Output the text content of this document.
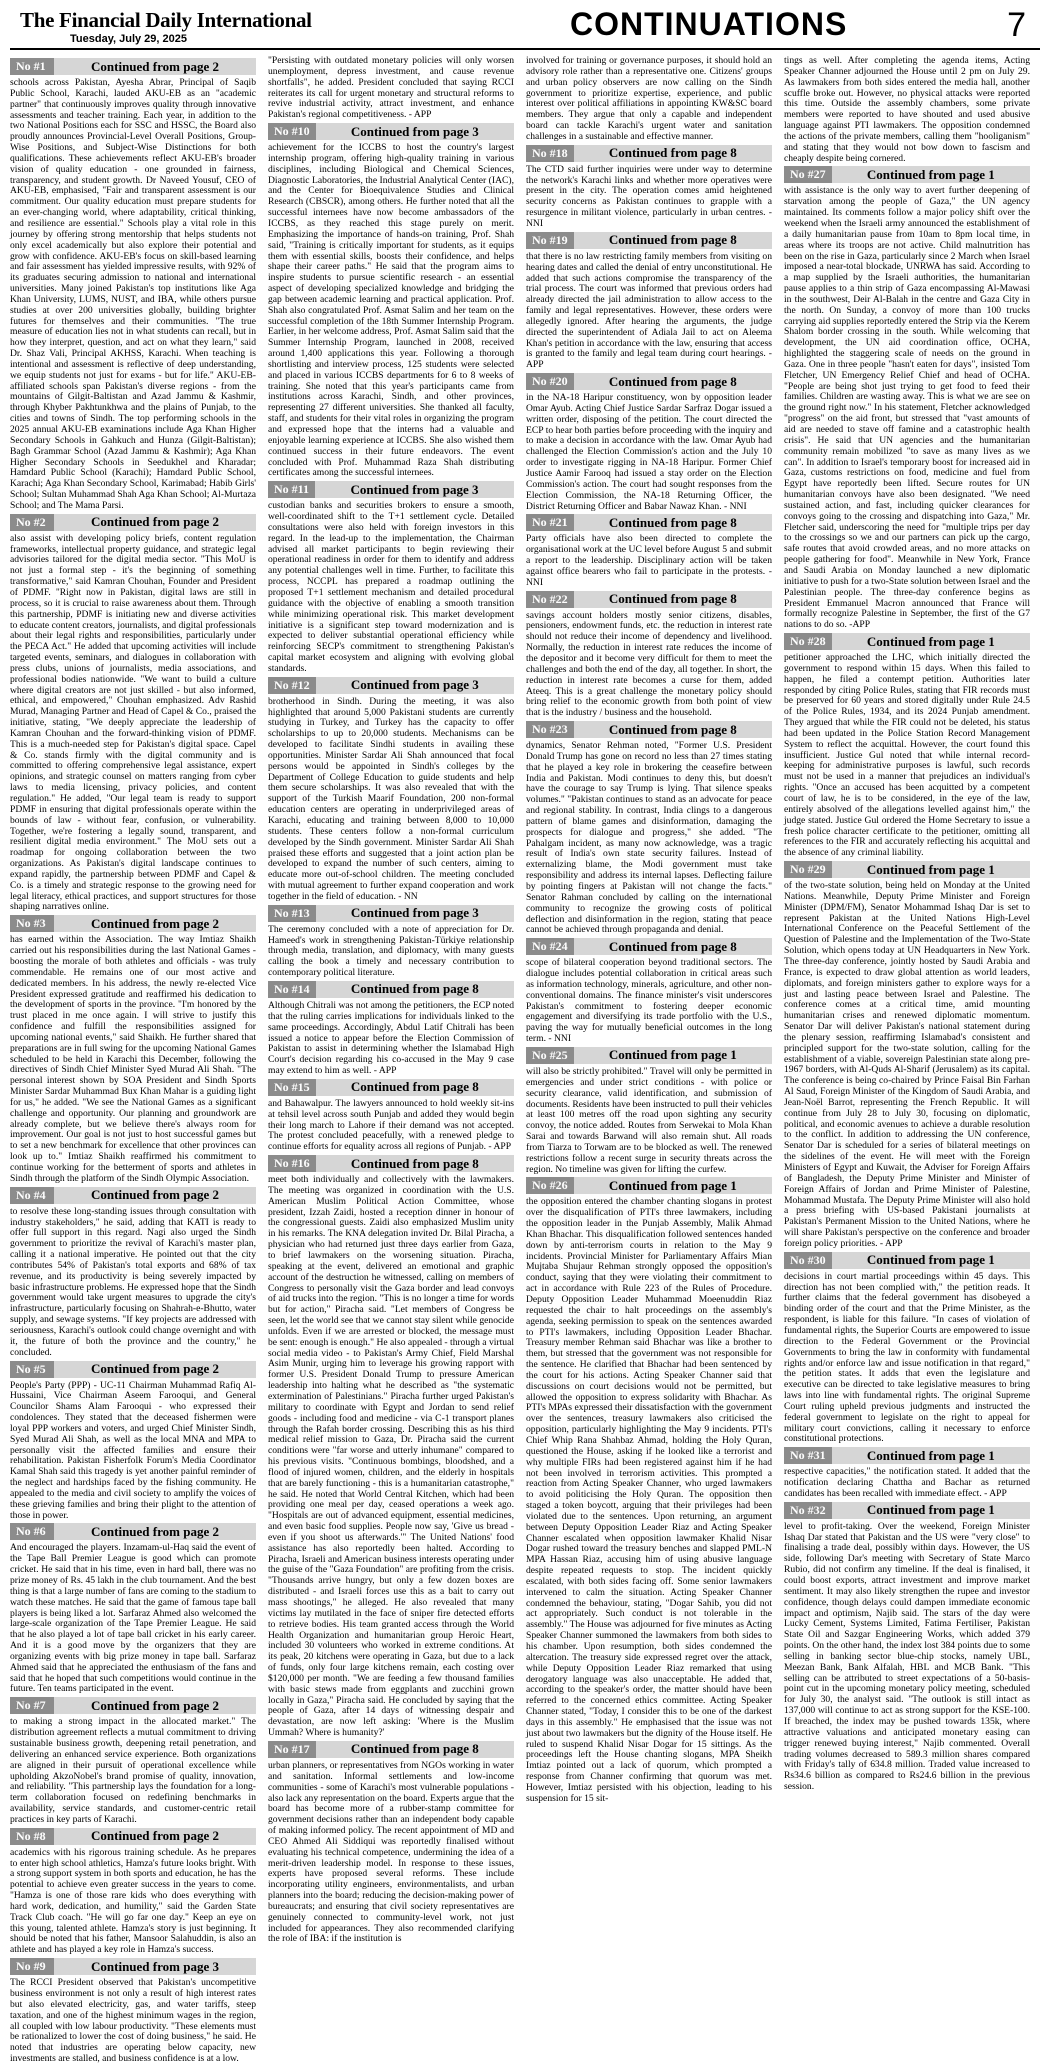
The Financial Daily International
Tuesday, July 29, 2025	CONTINUATIONS	7
No #1	Continued from page 2

schools across Pakistan, Ayesha Abrar, Principal of Saqib Public School, Karachi, lauded AKU-EB as an "academic partner" that continuously improves quality through innovative assessments and teacher training. Each year, in addition to the two National Positions each for SSC and HSSC, the Board also proudly announces Provincial-Level Overall Positions, Group-Wise Positions, and Subject-Wise Distinctions for both qualifications. These achievements reflect AKU-EB's broader vision of quality education - one grounded in fairness, transparency, and student growth. Dr Naveed Yousuf, CEO of AKU-EB, emphasised, "Fair and transparent assessment is our commitment. Our quality education must prepare students for an ever-changing world, where adaptability, critical thinking, and resilience are essential." Schools play a vital role in this journey by offering strong mentorship that helps students not only excel academically but also explore their potential and grow with confidence. AKU-EB's focus on skill-based learning and fair assessment has yielded impressive results, with 92% of its graduates securing admission to national and international universities. Many joined Pakistan's top institutions like Aga Khan University, LUMS, NUST, and IBA, while others pursue studies at over 200 universities globally, building brighter futures for themselves and their communities. "The true measure of education lies not in what students can recall, but in how they interpret, question, and act on what they learn," said Dr. Shaz Vali, Principal AKHSS, Karachi. When teaching is intentional and assessment is reflective of deep understanding, we equip students not just for exams - but for life." AKU-EB-affiliated schools span Pakistan's diverse regions - from the mountains of Gilgit-Baltistan and Azad Jammu & Kashmir, through Khyber Pakhtunkhwa and the plains of Punjab, to the cities and towns of Sindh. The top performing schools in the 2025 annual AKU-EB examinations include Aga Khan Higher Secondary Schools in Gahkuch and Hunza (Gilgit-Baltistan); Bagh Grammar School (Azad Jammu & Kashmir); Aga Khan Higher Secondary Schools in Seedukhel and Kharadar; Hamdard Public School (Karachi); Hamdard Public School, Karachi; Aga Khan Secondary School, Karimabad; Habib Girls' School; Sultan Muhammad Shah Aga Khan School; Al-Murtaza School; and The Mama Parsi.

No #2	Continued from page 2

also assist with developing policy briefs, content regulation frameworks, intellectual property guidance, and strategic legal advisories tailored for the digital media sector. "This MoU is not just a formal step - it's the beginning of something transformative," said Kamran Chouhan, Founder and President of PDMF. "Right now in Pakistan, digital laws are still in process, so it is crucial to raise awareness about them. Through this partnership, PDMF is initiating new and diverse activities to educate content creators, journalists, and digital professionals about their legal rights and responsibilities, particularly under the PECA Act." He added that upcoming activities will include targeted events, seminars, and dialogues in collaboration with press clubs, unions of journalists, media associations, and professional bodies nationwide. "We want to build a culture where digital creators are not just skilled - but also informed, ethical, and empowered," Chouhan emphasized. Adv Rashid Murad, Managing Partner and Head of Capel & Co., praised the initiative, stating, "We deeply appreciate the leadership of Kamran Chouhan and the forward-thinking vision of PDMF. This is a much-needed step for Pakistan's digital space. Capel & Co. stands firmly with the digital community and is committed to offering comprehensive legal assistance, expert opinions, and strategic counsel on matters ranging from cyber laws to media licensing, privacy policies, and content regulation." He added, "Our legal team is ready to support PDMF in ensuring that digital professionals operate within the bounds of law - without fear, confusion, or vulnerability. Together, we're fostering a legally sound, transparent, and resilient digital media environment." The MoU sets out a roadmap for ongoing collaboration between the two organizations. As Pakistan's digital landscape continues to expand rapidly, the partnership between PDMF and Capel & Co. is a timely and strategic response to the growing need for legal literacy, ethical practices, and support structures for those shaping narratives online.

No #3	Continued from page 2

has earned within the Association. The way Imtiaz Shaikh carried out his responsibilities during the last National Games - boosting the morale of both athletes and officials - was truly commendable. He remains one of our most active and dedicated members. In his address, the newly re-elected Vice President expressed gratitude and reaffirmed his dedication to the development of sports in the province. "I'm honored by the trust placed in me once again. I will strive to justify this confidence and fulfill the responsibilities assigned for upcoming national events," said Shaikh. He further shared that preparations are in full swing for the upcoming National Games scheduled to be held in Karachi this December, following the directives of Sindh Chief Minister Syed Murad Ali Shah. "The personal interest shown by SOA President and Sindh Sports Minister Sardar Muhammad Bux Khan Mahar is a guiding light for us," he added. "We see the National Games as a significant challenge and opportunity. Our planning and groundwork are already complete, but we believe there's always room for improvement. Our goal is not just to host successful games but to set a new benchmark for excellence that other provinces can look up to." Imtiaz Shaikh reaffirmed his commitment to continue working for the betterment of sports and athletes in Sindh through the platform of the Sindh Olympic Association.

No #4	Continued from page 2

to resolve these long-standing issues through consultation with industry stakeholders," he said, adding that KATI is ready to offer full support in this regard. Nagi also urged the Sindh government to prioritize the revival of Karachi's master plan, calling it a national imperative. He pointed out that the city contributes 54% of Pakistan's total exports and 68% of tax revenue, and its productivity is being severely impacted by basic infrastructure problems. He expressed hope that the Sindh government would take urgent measures to upgrade the city's infrastructure, particularly focusing on Shahrah-e-Bhutto, water supply, and sewage systems. "If key projects are addressed with seriousness, Karachi's outlook could change overnight and with it, the future of both the province and the country," he concluded.

No #5	Continued from page 2

People's Party (PPP) - UC-11 Chairman Muhammad Rafiq Al-Hussaini, Vice Chairman Aseem Farooqui, and General Councilor Shams Alam Farooqui - who expressed their condolences. They stated that the deceased fishermen were loyal PPP workers and voters, and urged Chief Minister Sindh, Syed Murad Ali Shah, as well as the local MNA and MPA to personally visit the affected families and ensure their rehabilitation. Pakistan Fisherfolk Forum's Media Coordinator Kamal Shah said this tragedy is yet another painful reminder of the neglect and hardships faced by the fishing community. He appealed to the media and civil society to amplify the voices of these grieving families and bring their plight to the attention of those in power.

No #6	Continued from page 2

And encouraged the players. Inzamam-ul-Haq said the event of the Tape Ball Premier League is good which can promote cricket. He said that in his time, even in hard ball, there was no prize money of Rs. 45 lakh in the club tournament. And the best thing is that a large number of fans are coming to the stadium to watch these matches. He said that the game of famous tape ball players is being liked a lot. Sarfaraz Ahmed also welcomed the large-scale organization of the Tape Premier League. He said that he also played a lot of tape ball cricket in his early career. And it is a good move by the organizers that they are organizing events with big prize money in tape ball. Sarfaraz Ahmed said that he appreciated the enthusiasm of the fans and said that he hoped that such competitions would continue in the future. Ten teams participated in the event.

No #7	Continued from page 2

to making a strong impact in the allocated market." The distribution agreement reflects a mutual commitment to driving sustainable business growth, deepening retail penetration, and delivering an enhanced service experience. Both organizations are aligned in their pursuit of operational excellence while upholding AkzoNobel's brand promise of quality, innovation, and reliability. "This partnership lays the foundation for a long-term collaboration focused on redefining benchmarks in availability, service standards, and customer-centric retail practices in key parts of Karachi.

No #8	Continued from page 2

academics with his rigorous training schedule. As he prepares to enter high school athletics, Hamza's future looks bright. With a strong support system in both sports and education, he has the potential to achieve even greater success in the years to come. "Hamza is one of those rare kids who does everything with hard work, dedication, and humility," said the Garden State Track Club coach. "He will go far one day." Keep an eye on this young, talented athlete. Hamza's story is just beginning. It should be noted that his father, Mansoor Salahuddin, is also an athlete and has played a key role in Hamza's success.

No #9	Continued from page 3

The RCCI President observed that Pakistan's uncompetitive business environment is not only a result of high interest rates but also elevated electricity, gas, and water tariffs, steep taxation, and one of the highest minimum wages in the region, all coupled with low labour productivity. "These elements must be rationalized to lower the cost of doing business," he said. He noted that industries are operating below capacity, new investments are stalled, and business confidence is at a low.

"Persisting with outdated monetary policies will only worsen unemployment, depress investment, and cause revenue shortfalls", he added. President concluded that saying RCCI reiterates its call for urgent monetary and structural reforms to revive industrial activity, attract investment, and enhance Pakistan's regional competitiveness. - APP

No #10	Continued from page 3

achievement for the ICCBS to host the country's largest internship program, offering high-quality training in various disciplines, including Biological and Chemical Sciences, Diagnostic Laboratories, the Industrial Analytical Center (IAC), and the Center for Bioequivalence Studies and Clinical Research (CBSCR), among others. He further noted that all the successful internees have now become ambassadors of the ICCBS, as they reached this stage purely on merit. Emphasizing the importance of hands-on training, Prof. Shah said, "Training is critically important for students, as it equips them with essential skills, boosts their confidence, and helps shape their career paths." He said that the program aims to inspire students to pursue scientific research - an essential aspect of developing specialized knowledge and bridging the gap between academic learning and practical application. Prof. Shah also congratulated Prof. Asmat Salim and her team on the successful completion of the 18th Summer Internship Program. Earlier, in her welcome address, Prof. Asmat Salim said that the Summer Internship Program, launched in 2008, received around 1,400 applications this year. Following a thorough shortlisting and interview process, 125 students were selected and placed in various ICCBS departments for 6 to 8 weeks of training. She noted that this year's participants came from institutions across Karachi, Sindh, and other provinces, representing 27 different universities. She thanked all faculty, staff, and students for their vital roles in organizing the program and expressed hope that the interns had a valuable and enjoyable learning experience at ICCBS. She also wished them continued success in their future endeavors. The event concluded with Prof. Muhammad Raza Shah distributing certificates among the successful internees.

No #11	Continued from page 3

custodian banks and securities brokers to ensure a smooth, well-coordinated shift to the T+1 settlement cycle. Detailed consultations were also held with foreign investors in this regard. In the lead-up to the implementation, the Chairman advised all market participants to begin reviewing their operational readiness in order for them to identify and address any potential challenges well in time. Further, to facilitate this process, NCCPL has prepared a roadmap outlining the proposed T+1 settlement mechanism and detailed procedural guidance with the objective of enabling a smooth transition while minimizing operational risk. This market development initiative is a significant step toward modernization and is expected to deliver substantial operational efficiency while reinforcing SECP's commitment to strengthening Pakistan's capital market ecosystem and aligning with evolving global standards.

No #12	Continued from page 3

brotherhood in Sindh. During the meeting, it was also highlighted that around 5,000 Pakistani students are currently studying in Turkey, and Turkey has the capacity to offer scholarships to up to 20,000 students. Mechanisms can be developed to facilitate Sindhi students in availing these opportunities. Minister Sardar Ali Shah announced that focal persons would be appointed in Sindh's colleges by the Department of College Education to guide students and help them secure scholarships. It was also revealed that with the support of the Turkish Maarif Foundation, 200 non-formal education centers are operating in underprivileged areas of Karachi, educating and training between 8,000 to 10,000 students. These centers follow a non-formal curriculum developed by the Sindh government. Minister Sardar Ali Shah praised these efforts and suggested that a joint action plan be developed to expand the number of such centers, aiming to educate more out-of-school children. The meeting concluded with mutual agreement to further expand cooperation and work together in the field of education. - NN

No #13	Continued from page 3

The ceremony concluded with a note of appreciation for Dr. Hameed's work in strengthening Pakistan-Türkiye relationship through media, translation, and diplomacy, with many guests calling the book a timely and necessary contribution to contemporary political literature.

No #14	Continued from page 8

Although Chitrali was not among the petitioners, the ECP noted that the ruling carries implications for individuals linked to the same proceedings. Accordingly, Abdul Latif Chitrali has been issued a notice to appear before the Election Commission of Pakistan to assist in determining whether the Islamabad High Court's decision regarding his co-accused in the May 9 case may extend to him as well. - APP

No #15	Continued from page 8

and Bahawalpur. The lawyers announced to hold weekly sit-ins at tehsil level across south Punjab and added they would begin their long march to Lahore if their demand was not accepted. The protest concluded peacefully, with a renewed pledge to continue efforts for equality across all regions of Punjab. - APP

No #16	Continued from page 8

meet both individually and collectively with the lawmakers. The meeting was organized in coordination with the U.S. American Muslim Political Action Committee, whose president, Izzah Zaidi, hosted a reception dinner in honour of the congressional guests. Zaidi also emphasized Muslim unity in his remarks. The KNA delegation invited Dr. Bilal Piracha, a physician who had returned just three days earlier from Gaza, to brief lawmakers on the worsening situation. Piracha, speaking at the event, delivered an emotional and graphic account of the destruction he witnessed, calling on members of Congress to personally visit the Gaza border and lead convoys of aid trucks into the region. "This is no longer a time for words but for action," Piracha said. "Let members of Congress be seen, let the world see that we cannot stay silent while genocide unfolds. Even if we are arrested or blocked, the message must be sent: enough is enough." He also appealed - through a virtual social media video - to Pakistan's Army Chief, Field Marshal Asim Munir, urging him to leverage his growing rapport with former U.S. President Donald Trump to pressure American leadership into halting what he described as "the systematic extermination of Palestinians." Piracha further urged Pakistan's military to coordinate with Egypt and Jordan to send relief goods - including food and medicine - via C-1 transport planes through the Rafah border crossing. Describing this as his third medical relief mission to Gaza, Dr. Piracha said the current conditions were "far worse and utterly inhumane" compared to his previous visits. "Continuous bombings, bloodshed, and a flood of injured women, children, and the elderly in hospitals that are barely functioning - this is a humanitarian catastrophe," he said. He noted that World Central Kitchen, which had been providing one meal per day, ceased operations a week ago. "Hospitals are out of advanced equipment, essential medicines, and even basic food supplies. People now say, 'Give us bread - even if you shoot us afterwards.'" The United Nations' food assistance has also reportedly been halted. According to Piracha, Israeli and American business interests operating under the guise of the "Gaza Foundation" are profiting from the crisis. "Thousands arrive hungry, but only a few dozen boxes are distributed - and Israeli forces use this as a bait to carry out mass shootings," he alleged. He also revealed that many victims lay mutilated in the face of sniper fire detected efforts to retrieve bodies. His team granted access through the World Health Organization and humanitarian group Heroic Heart, included 30 volunteers who worked in extreme conditions. At its peak, 20 kitchens were operating in Gaza, but due to a lack of funds, only four large kitchens remain, each costing over $120,000 per month. "We are feeding a few thousand families with basic stews made from eggplants and zucchini grown locally in Gaza," Piracha said. He concluded by saying that the people of Gaza, after 14 days of witnessing despair and devastation, are now left asking: 'Where is the Muslim Ummah? Where is humanity?'

No #17	Continued from page 8

urban planners, or representatives from NGOs working in water and sanitation. Informal settlements and low-income communities - some of Karachi's most vulnerable populations - also lack any representation on the board. Experts argue that the board has become more of a rubber-stamp committee for government decisions rather than an independent body capable of making informed policy. The recent appointment of MD and CEO Ahmed Ali Siddiqui was reportedly finalised without evaluating his technical competence, undermining the idea of a merit-driven leadership model. In response to these issues, experts have proposed several reforms. These include incorporating utility engineers, environmentalists, and urban planners into the board; reducing the decision-making power of bureaucrats; and ensuring that civil society representatives are genuinely connected to community-level work, not just included for appearances. They also recommended clarifying the role of IBA: if the institution is

involved for training or governance purposes, it should hold an advisory role rather than a representative one. Citizens' groups and urban policy observers are now calling on the Sindh government to prioritize expertise, experience, and public interest over political affiliations in appointing KW&SC board members. They argue that only a capable and independent board can tackle Karachi's urgent water and sanitation challenges in a sustainable and effective manner.

No #18	Continued from page 8

The CTD said further inquiries were under way to determine the network's Karachi links and whether more operatives were present in the city. The operation comes amid heightened security concerns as Pakistan continues to grapple with a resurgence in militant violence, particularly in urban centres. - NNI

No #19	Continued from page 8

that there is no law restricting family members from visiting on hearing dates and called the denial of entry unconstitutional. He added that such actions compromise the transparency of the trial process. The court was informed that previous orders had already directed the jail administration to allow access to the family and legal representatives. However, these orders were allegedly ignored. After hearing the arguments, the judge directed the superintendent of Adiala Jail to act on Aleema Khan's petition in accordance with the law, ensuring that access is granted to the family and legal team during court hearings. - APP

No #20	Continued from page 8

in the NA-18 Haripur constituency, won by opposition leader Omar Ayub. Acting Chief Justice Sardar Sarfraz Dogar issued a written order, disposing of the petition. The court directed the ECP to hear both parties before proceeding with the inquiry and to make a decision in accordance with the law. Omar Ayub had challenged the Election Commission's action and the July 10 order to investigate rigging in NA-18 Haripur. Former Chief Justice Aamir Farooq had issued a stay order on the Election Commission's action. The court had sought responses from the Election Commission, the NA-18 Returning Officer, the District Returning Officer and Babar Nawaz Khan. - NNI

No #21	Continued from page 8

Party officials have also been directed to complete the organisational work at the UC level before August 5 and submit a report to the leadership. Disciplinary action will be taken against office bearers who fail to participate in the protests. - NNI

No #22	Continued from page 8

savings account holders mostly senior citizens, disables, pensioners, endowment funds, etc. the reduction in interest rate should not reduce their income of dependency and livelihood. Normally, the reduction in interest rate reduces the income of the depositor and it become very difficult for them to meet the challenges and both the end of the day, all together. In short, the reduction in interest rate becomes a curse for them, added Ateeq. This is a great challenge the monetary policy should bring relief to the economic growth from both point of view that is the industry / business and the household.

No #23	Continued from page 8

dynamics, Senator Rehman noted, "Former U.S. President Donald Trump has gone on record no less than 27 times stating that he played a key role in brokering the ceasefire between India and Pakistan. Modi continues to deny this, but doesn't have the courage to say Trump is lying. That silence speaks volumes." "Pakistan continues to stand as an advocate for peace and regional stability. In contrast, India clings to a dangerous pattern of blame games and disinformation, damaging the prospects for dialogue and progress," she added. "The Pahalgam incident, as many now acknowledge, was a tragic result of India's own state security failures. Instead of externalizing blame, the Modi government must take responsibility and address its internal lapses. Deflecting failure by pointing fingers at Pakistan will not change the facts." Senator Rahman concluded by calling on the international community to recognize the growing costs of political deflection and disinformation in the region, stating that peace cannot be achieved through propaganda and denial.

No #24	Continued from page 8

scope of bilateral cooperation beyond traditional sectors. The dialogue includes potential collaboration in critical areas such as information technology, minerals, agriculture, and other non-conventional domains. The finance minister's visit underscores Pakistan's commitment to fostering deeper economic engagement and diversifying its trade portfolio with the U.S., paving the way for mutually beneficial outcomes in the long term. - NNI

No #25	Continued from page 1

will also be strictly prohibited." Travel will only be permitted in emergencies and under strict conditions - with police or security clearance, valid identification, and submission of documents. Residents have been instructed to pull their vehicles at least 100 metres off the road upon sighting any security convoy, the notice added. Routes from Serwekai to Mola Khan Sarai and towards Barwand will also remain shut. All roads from Tiarza to Torwam are to be blocked as well. The renewed restrictions follow a recent surge in security threats across the region. No timeline was given for lifting the curfew.

No #26	Continued from page 1

the opposition entered the chamber chanting slogans in protest over the disqualification of PTI's three lawmakers, including the opposition leader in the Punjab Assembly, Malik Ahmad Khan Bhachar. This disqualification followed sentences handed down by anti-terrorism courts in relation to the May 9 incidents. Provincial Minister for Parliamentary Affairs Mian Mujtaba Shujaur Rehman strongly opposed the opposition's conduct, saying that they were violating their commitment to act in accordance with Rule 223 of the Rules of Procedure. Deputy Opposition Leader Muhammad Moeenuddin Riaz requested the chair to halt proceedings on the assembly's agenda, seeking permission to speak on the sentences awarded to PTI's lawmakers, including Opposition Leader Bhachar. Treasury member Rehman said Bhachar was like a brother to them, but stressed that the government was not responsible for the sentence. He clarified that Bhachar had been sentenced by the court for his actions. Acting Speaker Channer said that discussions on court decisions would not be permitted, but allowed the opposition to express solidarity with Bhachar. As PTI's MPAs expressed their dissatisfaction with the government over the sentences, treasury lawmakers also criticised the opposition, particularly highlighting the May 9 incidents. PTI's Chief Whip Rana Shahbaz Ahmad, holding the Holy Quran, questioned the House, asking if he looked like a terrorist and why multiple FIRs had been registered against him if he had not been involved in terrorism activities. This prompted a reaction from Acting Speaker Channer, who urged lawmakers to avoid politicising the Holy Quran. The opposition then staged a token boycott, arguing that their privileges had been violated due to the sentences. Upon returning, an argument between Deputy Opposition Leader Riaz and Acting Speaker Channer escalated when opposition lawmaker Khalid Nisar Dogar rushed toward the treasury benches and slapped PML-N MPA Hassan Riaz, accusing him of using abusive language despite repeated requests to stop. The incident quickly escalated, with both sides facing off. Some senior lawmakers intervened to calm the situation. Acting Speaker Channer condemned the behaviour, stating, "Dogar Sahib, you did not act appropriately. Such conduct is not tolerable in the assembly." The House was adjourned for five minutes as Acting Speaker Channer summoned the lawmakers from both sides to his chamber. Upon resumption, both sides condemned the altercation. The treasury side expressed regret over the attack, while Deputy Opposition Leader Riaz remarked that using derogatory language was also unacceptable. He added that, according to the speaker's order, the matter should have been referred to the concerned ethics committee. Acting Speaker Channer stated, "Today, I consider this to be one of the darkest days in this assembly." He emphasised that the issue was not just about two lawmakers but the dignity of the House itself. He ruled to suspend Khalid Nisar Dogar for 15 sittings. As the proceedings left the House chanting slogans, MPA Sheikh Imtiaz pointed out a lack of quorum, which prompted a response from Channer confirming that quorum was met. However, Imtiaz persisted with his objection, leading to his suspension for 15 sit-

tings as well. After completing the agenda items, Acting Speaker Channer adjourned the House until 2 pm on July 29. As lawmakers from both sides entered the media hall, another scuffle broke out. However, no physical attacks were reported this time. Outside the assembly chambers, some private members were reported to have shouted and used abusive language against PTI lawmakers. The opposition condemned the actions of the private members, calling them "hooliganism" and stating that they would not bow down to fascism and cheaply despite being cornered.

No #27	Continued from page 1

with assistance is the only way to avert further deepening of starvation among the people of Gaza," the UN agency maintained. Its comments follow a major policy shift over the weekend when the Israeli army announced the establishment of a daily humanitarian pause from 10am to 8pm local time, in areas where its troops are not active. Child malnutrition has been on the rise in Gaza, particularly since 2 March when Israel imposed a near-total blockade, UNRWA has said. According to a map supplied by the Israeli authorities, the humanitarian pause applies to a thin strip of Gaza encompassing Al-Mawasi in the southwest, Deir Al-Balah in the centre and Gaza City in the north. On Sunday, a convoy of more than 100 trucks carrying aid supplies reportedly entered the Strip via the Kerem Shalom border crossing in the south. While welcoming that development, the UN aid coordination office, OCHA, highlighted the staggering scale of needs on the ground in Gaza. One in three people "hasn't eaten for days", insisted Tom Fletcher, UN Emergency Relief Chief and head of OCHA. "People are being shot just trying to get food to feed their families. Children are wasting away. This is what we are see on the ground right now." In his statement, Fletcher acknowledged "progress" on the aid front, but stressed that "vast amounts of aid are needed to stave off famine and a catastrophic health crisis". He said that UN agencies and the humanitarian community remain mobilized "to save as many lives as we can". In addition to Israel's temporary boost for increased aid in Gaza, customs restrictions on food, medicine and fuel from Egypt have reportedly been lifted. Secure routes for UN humanitarian convoys have also been designated. "We need sustained action, and fast, including quicker clearances for convoys going to the crossing and dispatching into Gaza," Mr. Fletcher said, underscoring the need for "multiple trips per day to the crossings so we and our partners can pick up the cargo, safe routes that avoid crowded areas, and no more attacks on people gathering for food". Meanwhile in New York, France and Saudi Arabia on Monday launched a new diplomatic initiative to push for a two-State solution between Israel and the Palestinian people. The three-day conference begins as President Emmanuel Macron announced that France will formally recognize Palestine in September, the first of the G7 nations to do so. -APP

No #28	Continued from page 1

petitioner approached the LHC, which initially directed the government to respond within 15 days. When this failed to happen, he filed a contempt petition. Authorities later responded by citing Police Rules, stating that FIR records must be preserved for 60 years and stored digitally under Rule 24.5 of the Police Rules, 1934, and its 2024 Punjab amendment. They argued that while the FIR could not be deleted, his status had been updated in the Police Station Record Management System to reflect the acquittal. However, the court found this insufficient. Justice Gul noted that while internal record-keeping for administrative purposes is lawful, such records must not be used in a manner that prejudices an individual's rights. "Once an accused has been acquitted by a competent court of law, he is to be considered, in the eye of the law, entirely absolved of the allegations levelled against him," the judge stated. Justice Gul ordered the Home Secretary to issue a fresh police character certificate to the petitioner, omitting all references to the FIR and accurately reflecting his acquittal and the absence of any criminal liability.

No #29	Continued from page 1

of the two-state solution, being held on Monday at the United Nations. Meanwhile, Deputy Prime Minister and Foreign Minister (DPM/FM), Senator Mohammad Ishaq Dar is set to represent Pakistan at the United Nations High-Level International Conference on the Peaceful Settlement of the Question of Palestine and the Implementation of the Two-State Solution, which opens today at UN Headquarters in New York. The three-day conference, jointly hosted by Saudi Arabia and France, is expected to draw global attention as world leaders, diplomats, and foreign ministers gather to explore ways for a just and lasting peace between Israel and Palestine. The conference comes at a critical time, amid mounting humanitarian crises and renewed diplomatic momentum. Senator Dar will deliver Pakistan's national statement during the plenary session, reaffirming Islamabad's consistent and principled support for the two-state solution, calling for the establishment of a viable, sovereign Palestinian state along pre-1967 borders, with Al-Quds Al-Sharif (Jerusalem) as its capital. The conference is being co-chaired by Prince Faisal Bin Farhan Al Saud, Foreign Minister of the Kingdom of Saudi Arabia, and Jean-Noël Barrot, representing the French Republic. It will continue from July 28 to July 30, focusing on diplomatic, political, and economic avenues to achieve a durable resolution to the conflict. In addition to addressing the UN conference, Senator Dar is scheduled for a series of bilateral meetings on the sidelines of the event. He will meet with the Foreign Ministers of Egypt and Kuwait, the Adviser for Foreign Affairs of Bangladesh, the Deputy Prime Minister and Minister of Foreign Affairs of Jordan and Prime Minister of Palestine, Mohammad Mustafa. The Deputy Prime Minister will also hold a press briefing with US-based Pakistani journalists at Pakistan's Permanent Mission to the United Nations, where he will share Pakistan's perspective on the conference and broader foreign policy priorities. - APP

No #30	Continued from page 1

decisions in court martial proceedings within 45 days. This direction has not been complied with," the petition reads. It further claims that the federal government has disobeyed a binding order of the court and that the Prime Minister, as the respondent, is liable for this failure. "In cases of violation of fundamental rights, the Superior Courts are empowered to issue direction to the Federal Government or the Provincial Governments to bring the law in conformity with fundamental rights and/or enforce law and issue notification in that regard," the petition states. It adds that even the legislature and executive can be directed to take legislative measures to bring laws into line with fundamental rights. The original Supreme Court ruling upheld previous judgments and instructed the federal government to legislate on the right to appeal for military court convictions, calling it necessary to enforce constitutional protections.

No #31	Continued from page 1

respective capacities," the notification stated. It added that the notification declaring Chattha and Bachar as returned candidates has been recalled with immediate effect. - APP

No #32	Continued from page 1

level to profit-taking. Over the weekend, Foreign Minister Ishaq Dar stated that Pakistan and the US were "very close" to finalising a trade deal, possibly within days. However, the US side, following Dar's meeting with Secretary of State Marco Rubio, did not confirm any timeline. If the deal is finalised, it could boost exports, attract investment and improve market sentiment. It may also likely strengthen the rupee and investor confidence, though delays could dampen immediate economic impact and optimism, Najib said. The stars of the day were Lucky Cement, Systems Limited, Fatima Fertiliser, Pakistan State Oil and Sazgar Engineering Works, which added 379 points. On the other hand, the index lost 384 points due to some selling in banking sector blue-chip stocks, namely UBL, Meezan Bank, Bank Alfalah, HBL and MCB Bank. "This selling can be attributed to street expectations of a 50-basis-point cut in the upcoming monetary policy meeting, scheduled for July 30, the analyst said. "The outlook is still intact as 137,000 will continue to act as strong support for the KSE-100. If breached, the index may be pushed towards 135k, where attractive valuations and anticipated monetary easing can trigger renewed buying interest," Najib commented. Overall trading volumes decreased to 589.3 million shares compared with Friday's tally of 634.8 million. Traded value increased to Rs34.6 billion as compared to Rs24.6 billion in the previous session.
